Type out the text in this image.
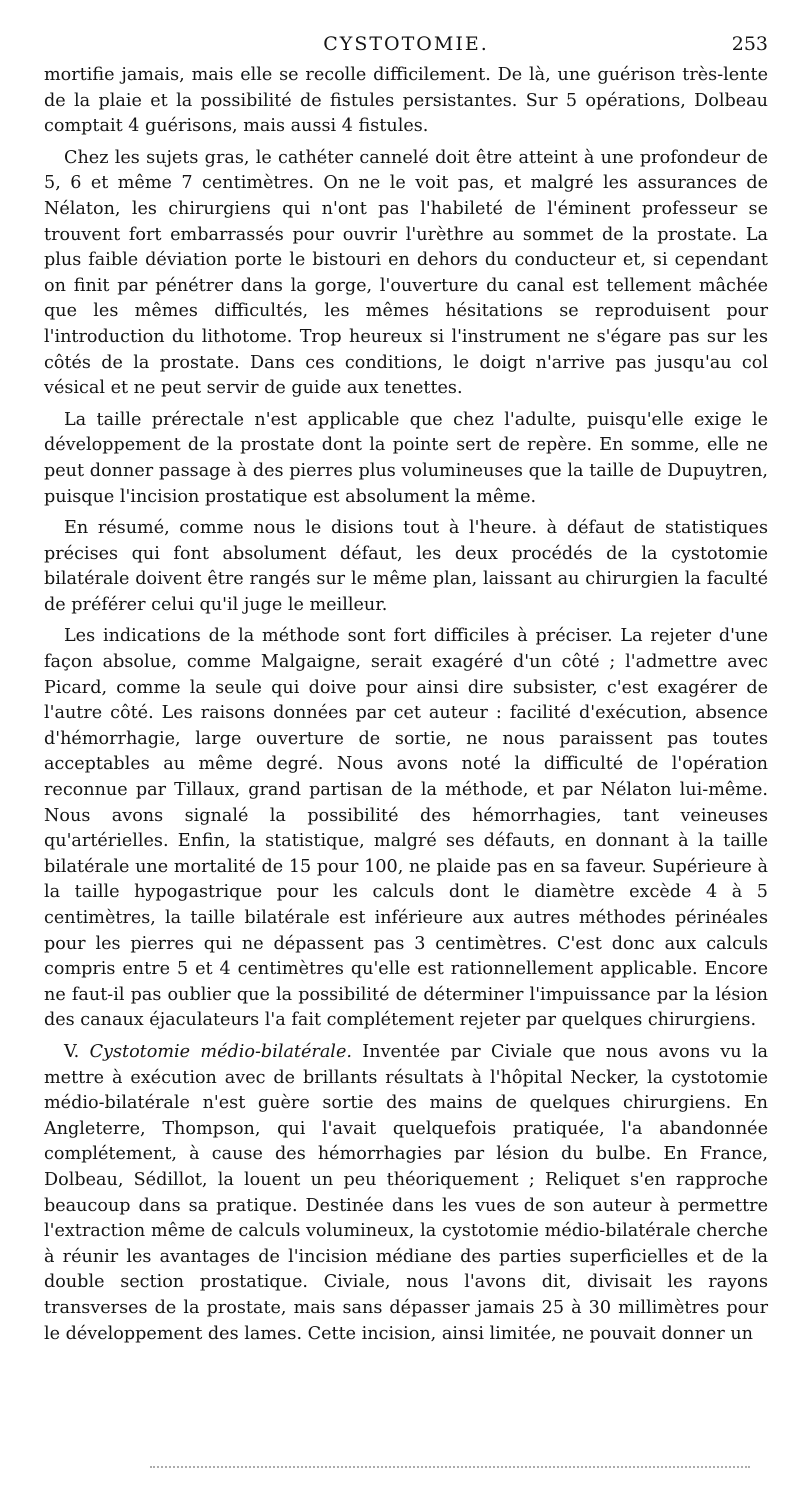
CYSTOTOMIE.	253

mortifie jamais, mais elle se recolle difficilement. De là, une guérison très-lente de la plaie et la possibilité de fistules persistantes. Sur 5 opérations, Dolbeau comptait 4 guérisons, mais aussi 4 fistules.

Chez les sujets gras, le cathéter cannelé doit être atteint à une profondeur de 5, 6 et même 7 centimètres. On ne le voit pas, et malgré les assurances de Nélaton, les chirurgiens qui n'ont pas l'habileté de l'éminent professeur se trouvent fort embarrassés pour ouvrir l'urèthre au sommet de la prostate. La plus faible déviation porte le bistouri en dehors du conducteur et, si cependant on finit par pénétrer dans la gorge, l'ouverture du canal est tellement mâchée que les mêmes difficultés, les mêmes hésitations se reproduisent pour l'introduction du lithotome. Trop heureux si l'instrument ne s'égare pas sur les côtés de la prostate. Dans ces conditions, le doigt n'arrive pas jusqu'au col vésical et ne peut servir de guide aux tenettes.

La taille prérectale n'est applicable que chez l'adulte, puisqu'elle exige le développement de la prostate dont la pointe sert de repère. En somme, elle ne peut donner passage à des pierres plus volumineuses que la taille de Dupuytren, puisque l'incision prostatique est absolument la même.

En résumé, comme nous le disions tout à l'heure. à défaut de statistiques précises qui font absolument défaut, les deux procédés de la cystotomie bilatérale doivent être rangés sur le même plan, laissant au chirurgien la faculté de préférer celui qu'il juge le meilleur.

Les indications de la méthode sont fort difficiles à préciser. La rejeter d'une façon absolue, comme Malgaigne, serait exagéré d'un côté ; l'admettre avec Picard, comme la seule qui doive pour ainsi dire subsister, c'est exagérer de l'autre côté. Les raisons données par cet auteur : facilité d'exécution, absence d'hémorrhagie, large ouverture de sortie, ne nous paraissent pas toutes acceptables au même degré. Nous avons noté la difficulté de l'opération reconnue par Tillaux, grand partisan de la méthode, et par Nélaton lui-même. Nous avons signalé la possibilité des hémorrhagies, tant veineuses qu'artérielles. Enfin, la statistique, malgré ses défauts, en donnant à la taille bilatérale une mortalité de 15 pour 100, ne plaide pas en sa faveur. Supérieure à la taille hypogastrique pour les calculs dont le diamètre excède 4 à 5 centimètres, la taille bilatérale est inférieure aux autres méthodes périnéales pour les pierres qui ne dépassent pas 3 centimètres. C'est donc aux calculs compris entre 5 et 4 centimètres qu'elle est rationnellement applicable. Encore ne faut-il pas oublier que la possibilité de déterminer l'impuissance par la lésion des canaux éjaculateurs l'a fait complétement rejeter par quelques chirurgiens.

V. Cystotomie médio-bilatérale. Inventée par Civiale que nous avons vu la mettre à exécution avec de brillants résultats à l'hôpital Necker, la cystotomie médio-bilatérale n'est guère sortie des mains de quelques chirurgiens. En Angleterre, Thompson, qui l'avait quelquefois pratiquée, l'a abandonnée complétement, à cause des hémorrhagies par lésion du bulbe. En France, Dolbeau, Sédillot, la louent un peu théoriquement ; Reliquet s'en rapproche beaucoup dans sa pratique. Destinée dans les vues de son auteur à permettre l'extraction même de calculs volumineux, la cystotomie médio-bilatérale cherche à réunir les avantages de l'incision médiane des parties superficielles et de la double section prostatique. Civiale, nous l'avons dit, divisait les rayons transverses de la prostate, mais sans dépasser jamais 25 à 30 millimètres pour le développement des lames. Cette incision, ainsi limitée, ne pouvait donner un
